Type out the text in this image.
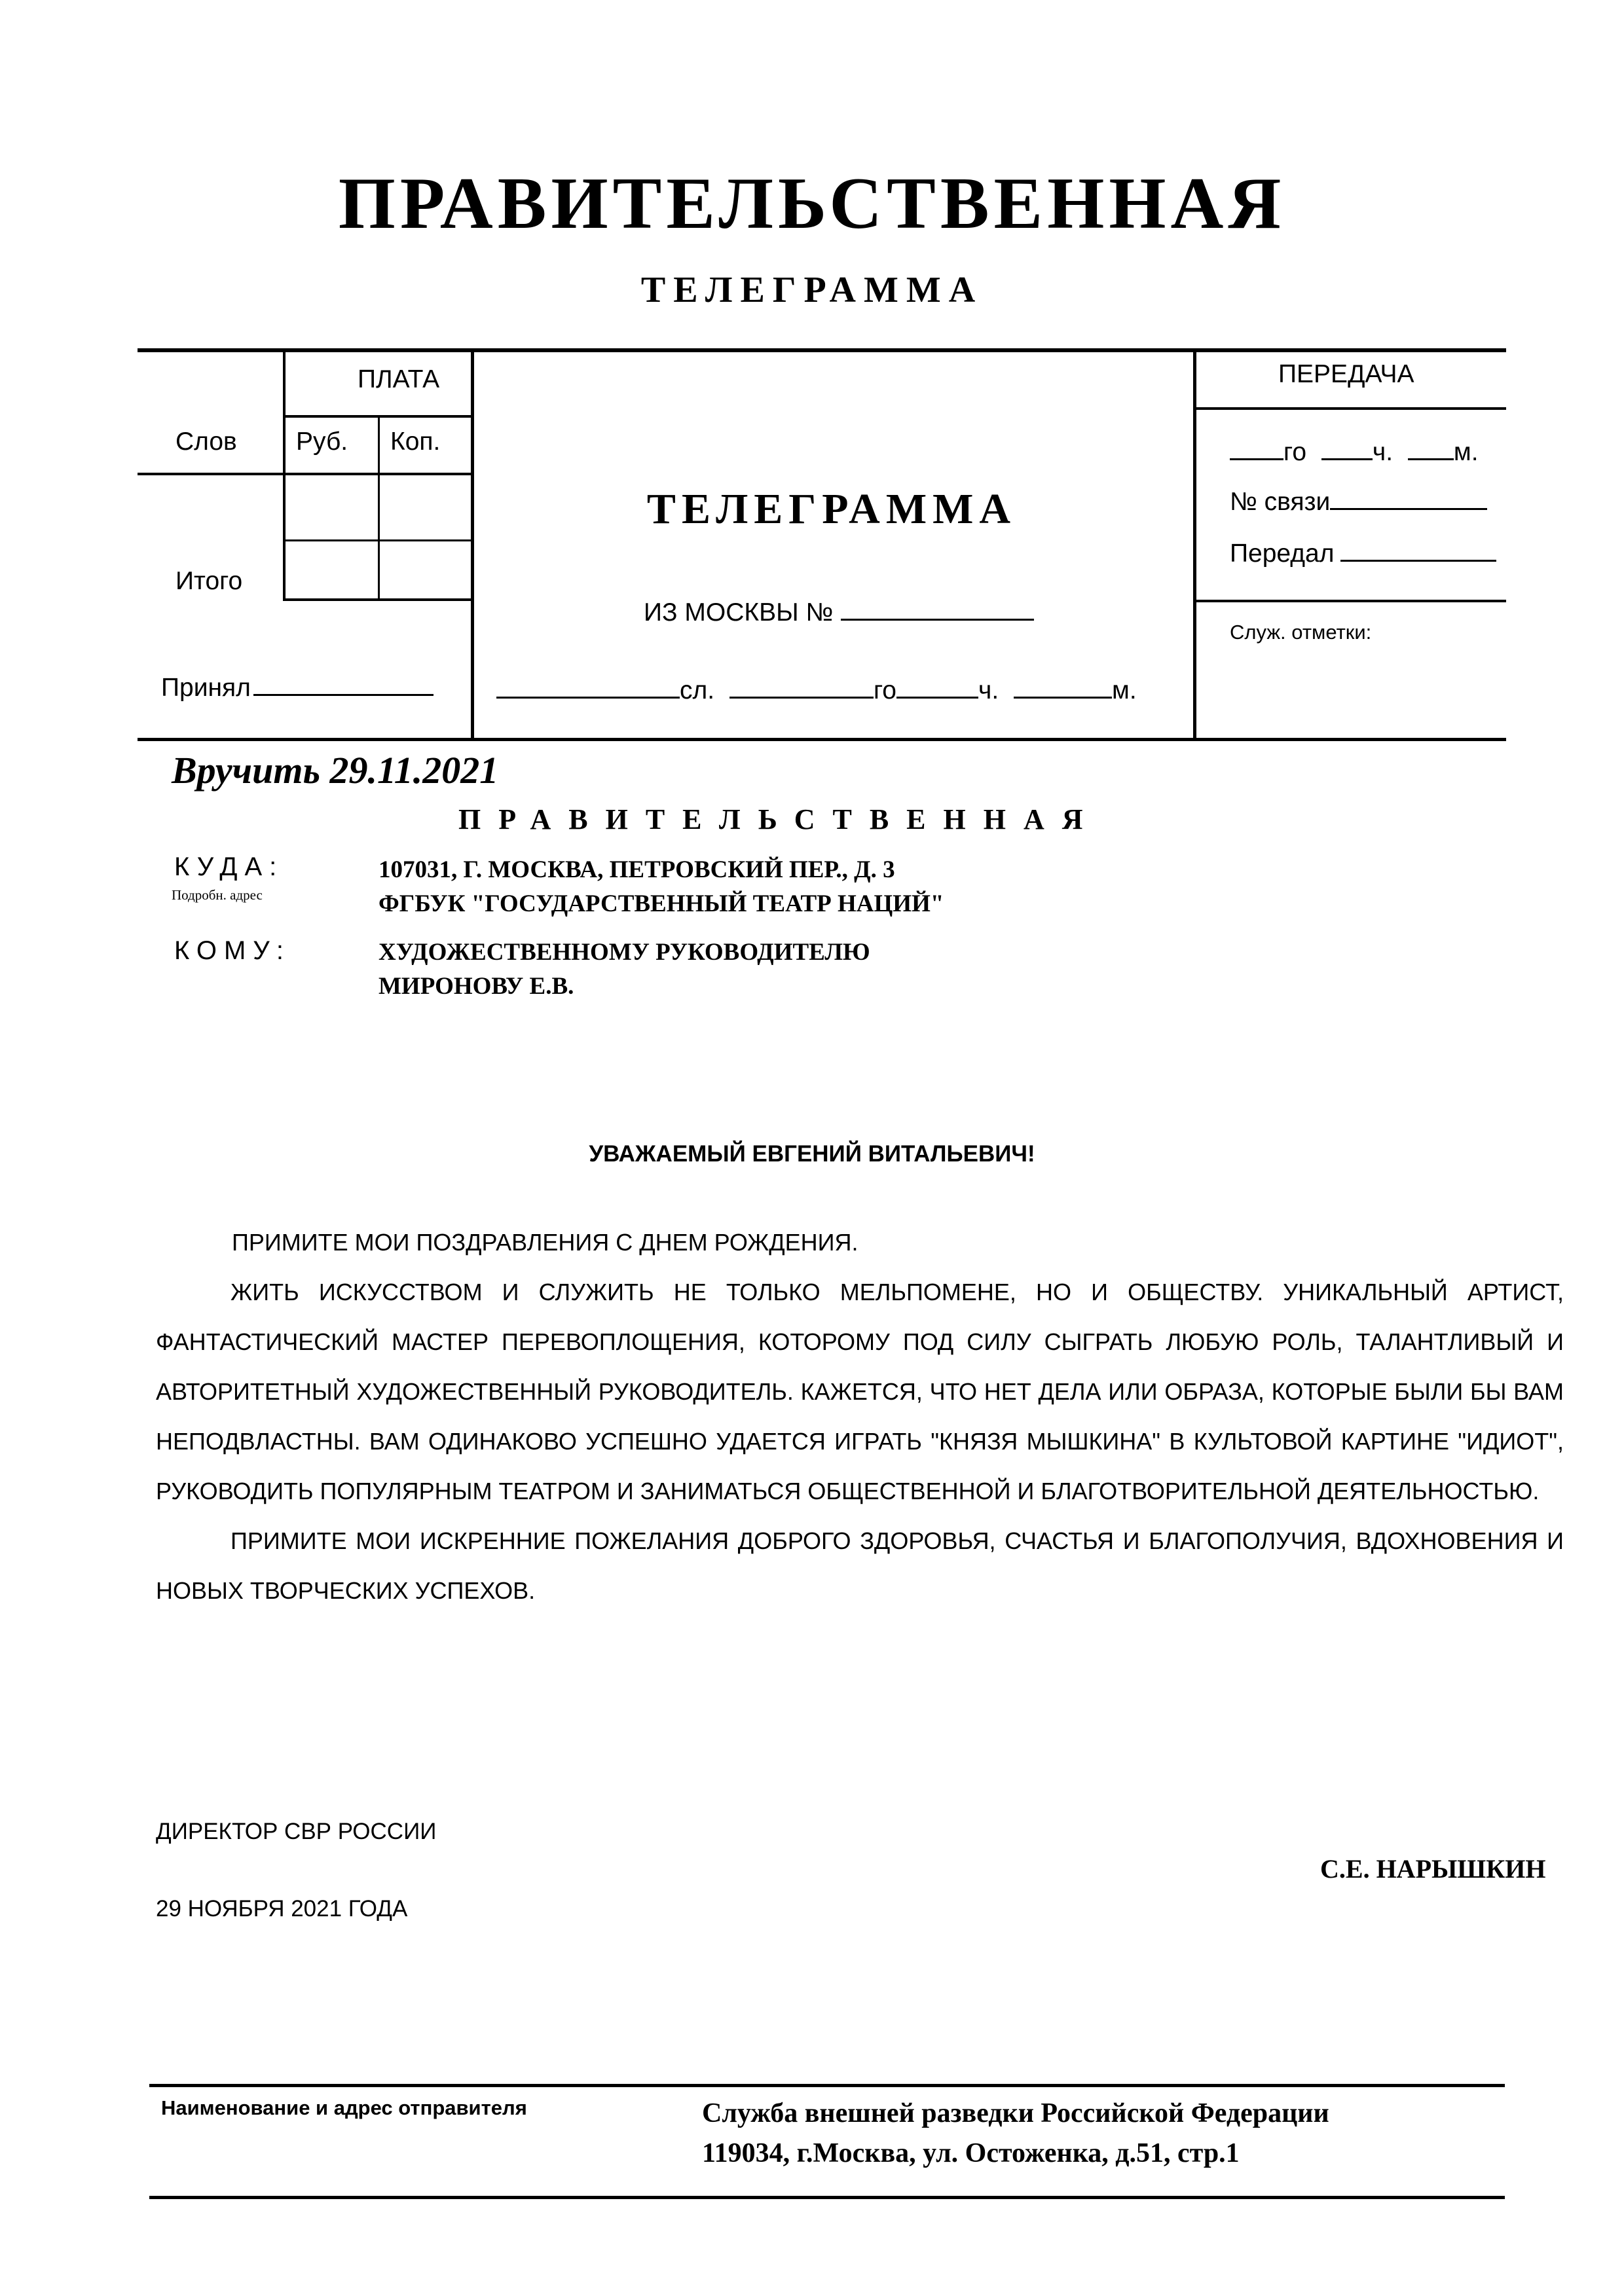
ПРАВИТЕЛЬСТВЕННАЯ
ТЕЛЕГРАММА
ПЛАТА
Слов Руб. Коп.
Итого
Принял
ТЕЛЕГРАММА
ИЗ МОСКВЫ №
сл.	го	ч.	м.
ПЕРЕДАЧА
го	ч. м.
№ связи
Передал
Служ. отметки:
Вручить 29.11.2021
ПРАВИТЕЛЬСТВЕННАЯ
КУДА:
Подробн. адрес
107031, Г. МОСКВА, ПЕТРОВСКИЙ ПЕР., Д. 3
ФГБУК "ГОСУДАРСТВЕННЫЙ ТЕАТР НАЦИЙ"
КОМУ:	ХУДОЖЕСТВЕННОМУ РУКОВОДИТЕЛЮ
МИРОНОВУ Е.В.
УВАЖАЕМЫЙ ЕВГЕНИЙ ВИТАЛЬЕВИЧ!

ПРИМИТЕ МОИ ПОЗДРАВЛЕНИЯ С ДНЕМ РОЖДЕНИЯ.

ЖИТЬ ИСКУССТВОМ И СЛУЖИТЬ НЕ ТОЛЬКО МЕЛЬПОМЕНЕ, НО И ОБЩЕСТВУ. УНИКАЛЬНЫЙ АРТИСТ, ФАНТАСТИЧЕСКИЙ МАСТЕР ПЕРЕВОПЛОЩЕНИЯ, КОТОРОМУ ПОД СИЛУ СЫГРАТЬ ЛЮБУЮ РОЛЬ, ТАЛАНТЛИВЫЙ И АВТОРИТЕТНЫЙ ХУДОЖЕСТВЕННЫЙ РУКОВОДИТЕЛЬ. КАЖЕТСЯ, ЧТО НЕТ ДЕЛА ИЛИ ОБРАЗА, КОТОРЫЕ БЫЛИ БЫ ВАМ НЕПОДВЛАСТНЫ. ВАМ ОДИНАКОВО УСПЕШНО УДАЕТСЯ ИГРАТЬ "КНЯЗЯ МЫШКИНА" В КУЛЬТОВОЙ КАРТИНЕ "ИДИОТ", РУКОВОДИТЬ ПОПУЛЯРНЫМ ТЕАТРОМ И ЗАНИМАТЬСЯ ОБЩЕСТВЕННОЙ И БЛАГОТВОРИТЕЛЬНОЙ ДЕЯТЕЛЬНОСТЬЮ.

ПРИМИТЕ МОИ ИСКРЕННИЕ ПОЖЕЛАНИЯ ДОБРОГО ЗДОРОВЬЯ, СЧАСТЬЯ И БЛАГОПОЛУЧИЯ, ВДОХНОВЕНИЯ И НОВЫХ ТВОРЧЕСКИХ УСПЕХОВ.

ДИРЕКТОР СВР РОССИИ
С.Е. НАРЫШКИН
29 НОЯБРЯ 2021 ГОДА
Наименование и адрес отправителя	Служба внешней разведки Российской Федерации
119034, г.Москва, ул. Остоженка, д.51, стр.1
